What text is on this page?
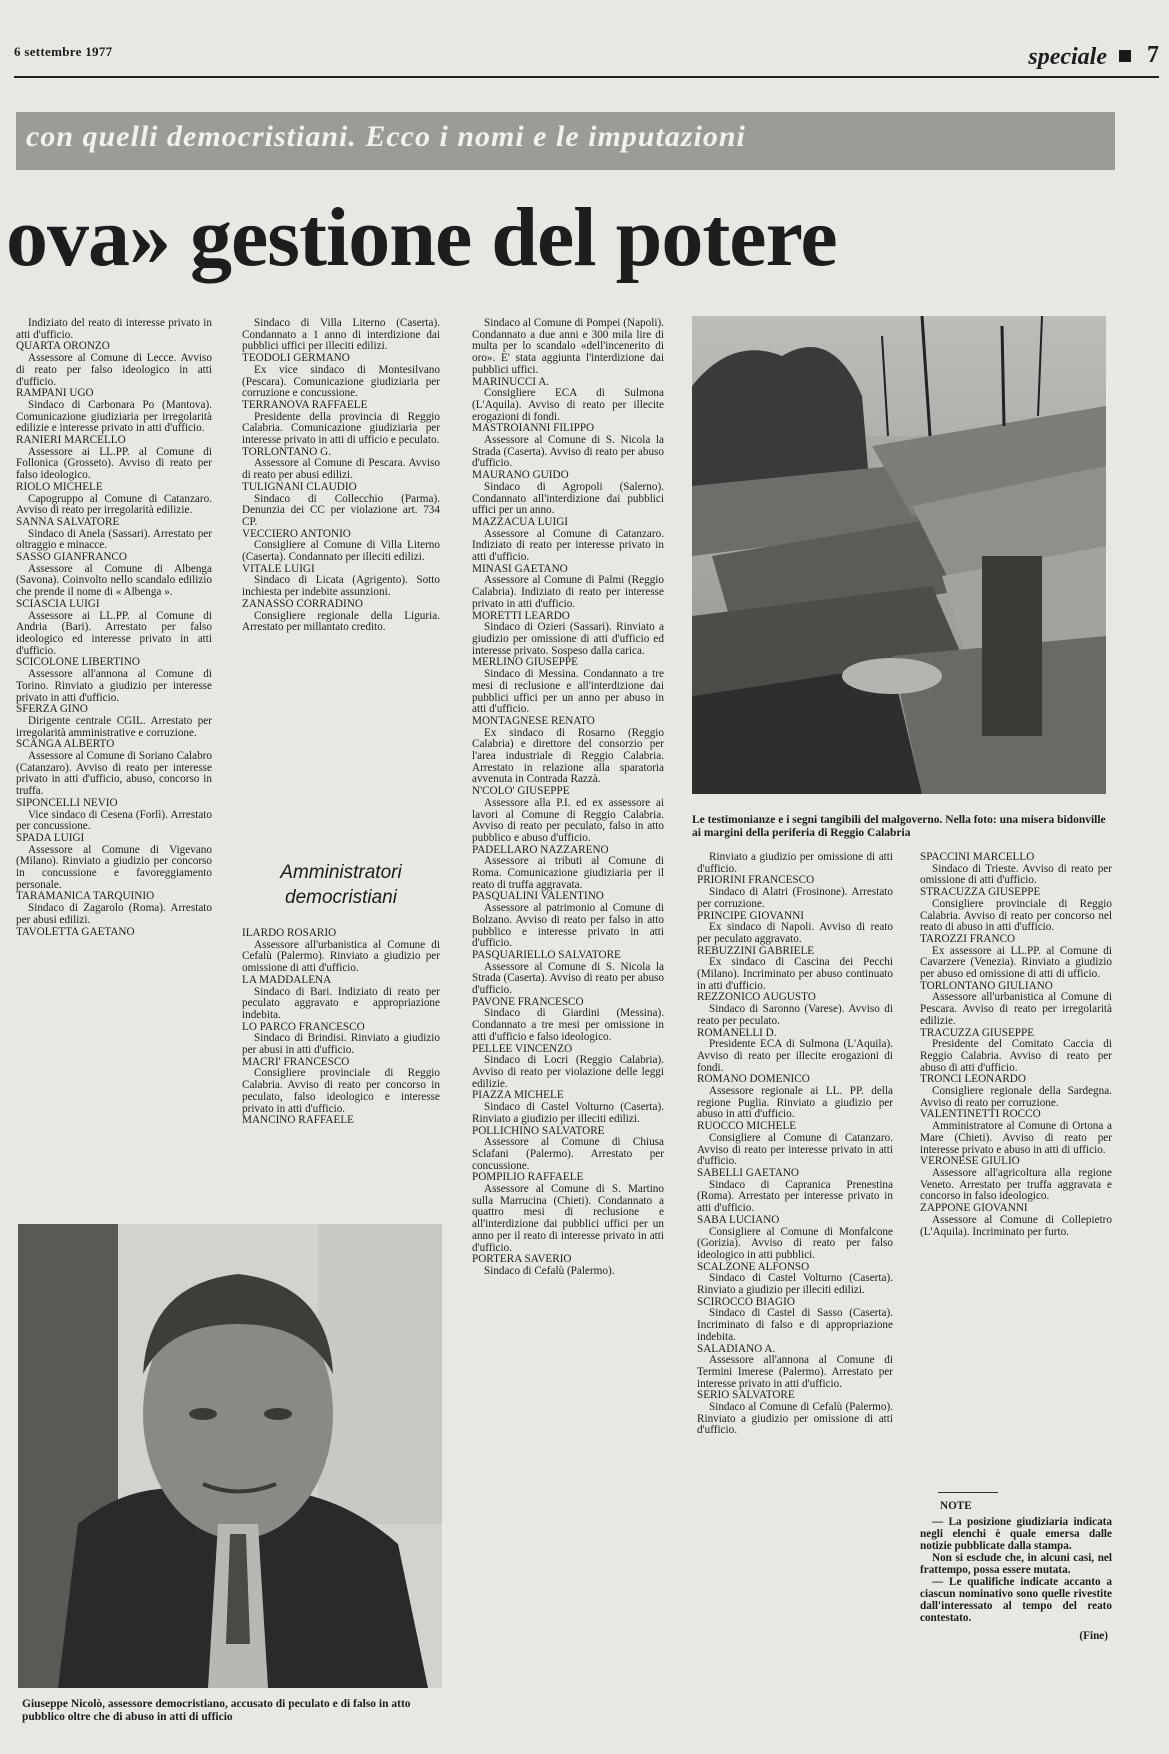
6 settembre 1977	speciale 7
con quelli democristiani. Ecco i nomi e le imputazioni
ova» gestione del potere

Indiziato del reato di interesse privato in atti d'ufficio.

QUARTA ORONZO

Assessore al Comune di Lecce. Avviso di reato per falso ideologico in atti d'ufficio.

RAMPANI UGO

Sindaco di Carbonara Po (Mantova). Comunicazione giudiziaria per irregolarità edilizie e interesse privato in atti d'ufficio.

RANIERI MARCELLO

Assessore ai LL.PP. al Comune di Follonica (Grosseto). Avviso di reato per falso ideologico.

RIOLO MICHELE

Capogruppo al Comune di Catanzaro. Avviso di reato per irregolarità edilizie.

SANNA SALVATORE

Sindaco di Anela (Sassari). Arrestato per oltraggio e minacce.

SASSO GIANFRANCO

Assessore al Comune di Albenga (Savona). Coinvolto nello scandalo edilizio che prende il nome di « Albenga ».

SCIASCIA LUIGI

Assessore ai LL.PP. al Comune di Andria (Bari). Arrestato per falso ideologico ed interesse privato in atti d'ufficio.

SCICOLONE LIBERTINO

Assessore all'annona al Comune di Torino. Rinviato a giudizio per interesse privato in atti d'ufficio.

SFERZA GINO

Dirigente centrale CGIL. Arrestato per irregolarità amministrative e corruzione.

SCANGA ALBERTO

Assessore al Comune di Soriano Calabro (Catanzaro). Avviso di reato per interesse privato in atti d'ufficio, abuso, concorso in truffa.

SIPONCELLI NEVIO

Vice sindaco di Cesena (Forlì). Arrestato per concussione.

SPADA LUIGI

Assessore al Comune di Vigevano (Milano). Rinviato a giudizio per concorso in concussione e favoreggiamento personale.

TARAMANICA TARQUINIO

Sindaco di Zagarolo (Roma). Arrestato per abusi edilizi.

TAVOLETTA GAETANO

Sindaco di Villa Literno (Caserta). Condannato a 1 anno di interdizione dai pubblici uffici per illeciti edilizi.

TEODOLI GERMANO

Ex vice sindaco di Montesilvano (Pescara). Comunicazione giudiziaria per corruzione e concussione.

TERRANOVA RAFFAELE

Presidente della provincia di Reggio Calabria. Comunicazione giudiziaria per interesse privato in atti di ufficio e peculato.

TORLONTANO G.

Assessore al Comune di Pescara. Avviso di reato per abusi edilizi.

TULIGNANI CLAUDIO

Sindaco di Collecchio (Parma). Denunzia dei CC per violazione art. 734 CP.

VECCIERO ANTONIO

Consigliere al Comune di Villa Literno (Caserta). Condannato per illeciti edilizi.

VITALE LUIGI

Sindaco di Licata (Agrigento). Sotto inchiesta per indebite assunzioni.

ZANASSO CORRADINO

Consigliere regionale della Liguria. Arrestato per millantato credito.

Amministratori democristiani

ILARDO ROSARIO

Assessore all'urbanistica al Comune di Cefalù (Palermo). Rinviato a giudizio per omissione di atti d'ufficio.

LA MADDALENA

Sindaco di Bari. Indiziato di reato per peculato aggravato e appropriazione indebita.

LO PARCO FRANCESCO

Sindaco di Brindisi. Rinviato a giudizio per abusi in atti d'ufficio.

MACRI' FRANCESCO

Consigliere provinciale di Reggio Calabria. Avviso di reato per concorso in peculato, falso ideologico e interesse privato in atti d'ufficio.

MANCINO RAFFAELE

Sindaco al Comune di Pompei (Napoli). Condannato a due anni e 300 mila lire di multa per lo scandalo «dell'incenerito di oro». E' stata aggiunta l'interdizione dai pubblici uffici.

MARINUCCI A.

Consigliere ECA di Sulmona (L'Aquila). Avviso di reato per illecite erogazioni di fondi.

MASTROIANNI FILIPPO

Assessore al Comune di S. Nicola la Strada (Caserta). Avviso di reato per abuso d'ufficio.

MAURANO GUIDO

Sindaco di Agropoli (Salerno). Condannato all'interdizione dai pubblici uffici per un anno.

MAZZACUA LUIGI

Assessore al Comune di Catanzaro. Indiziato di reato per interesse privato in atti d'ufficio.

MINASI GAETANO

Assessore al Comune di Palmi (Reggio Calabria). Indiziato di reato per interesse privato in atti d'ufficio.

MORETTI LEARDO

Sindaco di Ozieri (Sassari). Rinviato a giudizio per omissione di atti d'ufficio ed interesse privato. Sospeso dalla carica.

MERLINO GIUSEPPE

Sindaco di Messina. Condannato a tre mesi di reclusione e all'interdizione dai pubblici uffici per un anno per abuso in atti d'ufficio.

MONTAGNESE RENATO

Ex sindaco di Rosarno (Reggio Calabria) e direttore del consorzio per l'area industriale di Reggio Calabria. Arrestato in relazione alla sparatoria avvenuta in Contrada Razzà.

N'COLO' GIUSEPPE

Assessore alla P.I. ed ex assessore ai lavori al Comune di Reggio Calabria. Avviso di reato per peculato, falso in atto pubblico e abuso d'ufficio.

PADELLARO NAZZARENO

Assessore ai tributi al Comune di Roma. Comunicazione giudiziaria per il reato di truffa aggravata.

PASQUALINI VALENTINO

Assessore al patrimonio al Comune di Bolzano. Avviso di reato per falso in atto pubblico e interesse privato in atti d'ufficio.

PASQUARIELLO SALVATORE

Assessore al Comune di S. Nicola la Strada (Caserta). Avviso di reato per abuso d'ufficio.

PAVONE FRANCESCO

Sindaco di Giardini (Messina). Condannato a tre mesi per omissione in atti d'ufficio e falso ideologico.

PELLEE VINCENZO

Sindaco di Locri (Reggio Calabria). Avviso di reato per violazione delle leggi edilizie.

PIAZZA MICHELE

Sindaco di Castel Volturno (Caserta). Rinviato a giudizio per illeciti edilizi.

POLLICHINO SALVATORE

Assessore al Comune di Chiusa Sclafani (Palermo). Arrestato per concussione.

POMPILIO RAFFAELE

Assessore al Comune di S. Martino sulla Marrucina (Chieti). Condannato a quattro mesi di reclusione e all'interdizione dai pubblici uffici per un anno per il reato di interesse privato in atti d'ufficio.

PORTERA SAVERIO

Sindaco di Cefalù (Palermo).

Le testimonianze e i segni tangibili del malgoverno. Nella foto: una misera bidonville ai margini della periferia di Reggio Calabria

Rinviato a giudizio per omissione di atti d'ufficio.

PRIORINI FRANCESCO

Sindaco di Alatri (Frosinone). Arrestato per corruzione.

PRINCIPE GIOVANNI

Ex sindaco di Napoli. Avviso di reato per peculato aggravato.

REBUZZINI GABRIELE

Ex sindaco di Cascina dei Pecchi (Milano). Incriminato per abuso continuato in atti d'ufficio.

REZZONICO AUGUSTO

Sindaco di Saronno (Varese). Avviso di reato per peculato.

ROMANELLI D.

Presidente ECA di Sulmona (L'Aquila). Avviso di reato per illecite erogazioni di fondi.

ROMANO DOMENICO

Assessore regionale ai LL. PP. della regione Puglia. Rinviato a giudizio per abuso in atti d'ufficio.

RUOCCO MICHELE

Consigliere al Comune di Catanzaro. Avviso di reato per interesse privato in atti d'ufficio.

SABELLI GAETANO

Sindaco di Capranica Prenestina (Roma). Arrestato per interesse privato in atti d'ufficio.

SABA LUCIANO

Consigliere al Comune di Monfalcone (Gorizia). Avviso di reato per falso ideologico in atti pubblici.

SCALZONE ALFONSO

Sindaco di Castel Volturno (Caserta). Rinviato a giudizio per illeciti edilizi.

SCIROCCO BIAGIO

Sindaco di Castel di Sasso (Caserta). Incriminato di falso e di appropriazione indebita.

SALADIANO A.

Assessore all'annona al Comune di Termini Imerese (Palermo). Arrestato per interesse privato in atti d'ufficio.

SERIO SALVATORE

Sindaco al Comune di Cefalù (Palermo). Rinviato a giudizio per omissione di atti d'ufficio.

SPACCINI MARCELLO

Sindaco di Trieste. Avviso di reato per omissione di atti d'ufficio.

STRACUZZA GIUSEPPE

Consigliere provinciale di Reggio Calabria. Avviso di reato per concorso nel reato di abuso in atti d'ufficio.

TAROZZI FRANCO

Ex assessore ai LL.PP. al Comune di Cavarzere (Venezia). Rinviato a giudizio per abuso ed omissione di atti di ufficio.

TORLONTANO GIULIANO

Assessore all'urbanistica al Comune di Pescara. Avviso di reato per irregolarità edilizie.

TRACUZZA GIUSEPPE

Presidente del Comitato Caccia di Reggio Calabria. Avviso di reato per abuso di atti d'ufficio.

TRONCI LEONARDO

Consigliere regionale della Sardegna. Avviso di reato per corruzione.

VALENTINETTI ROCCO

Amministratore al Comune di Ortona a Mare (Chieti). Avviso di reato per interesse privato e abuso in atti di ufficio.

VERONESE GIULIO

Assessore all'agricoltura alla regione Veneto. Arrestato per truffa aggravata e concorso in falso ideologico.

ZAPPONE GIOVANNI

Assessore al Comune di Collepietro (L'Aquila). Incriminato per furto.

Giuseppe Nicolò, assessore democristiano, accusato di peculato e di falso in atto pubblico oltre che di abuso in atti di ufficio

NOTE

— La posizione giudiziaria indicata negli elenchi è quale emersa dalle notizie pubblicate dalla stampa.

Non si esclude che, in alcuni casi, nel frattempo, possa essere mutata.

— Le qualifiche indicate accanto a ciascun nominativo sono quelle rivestite dall'interessato al tempo del reato contestato.

(Fine)
